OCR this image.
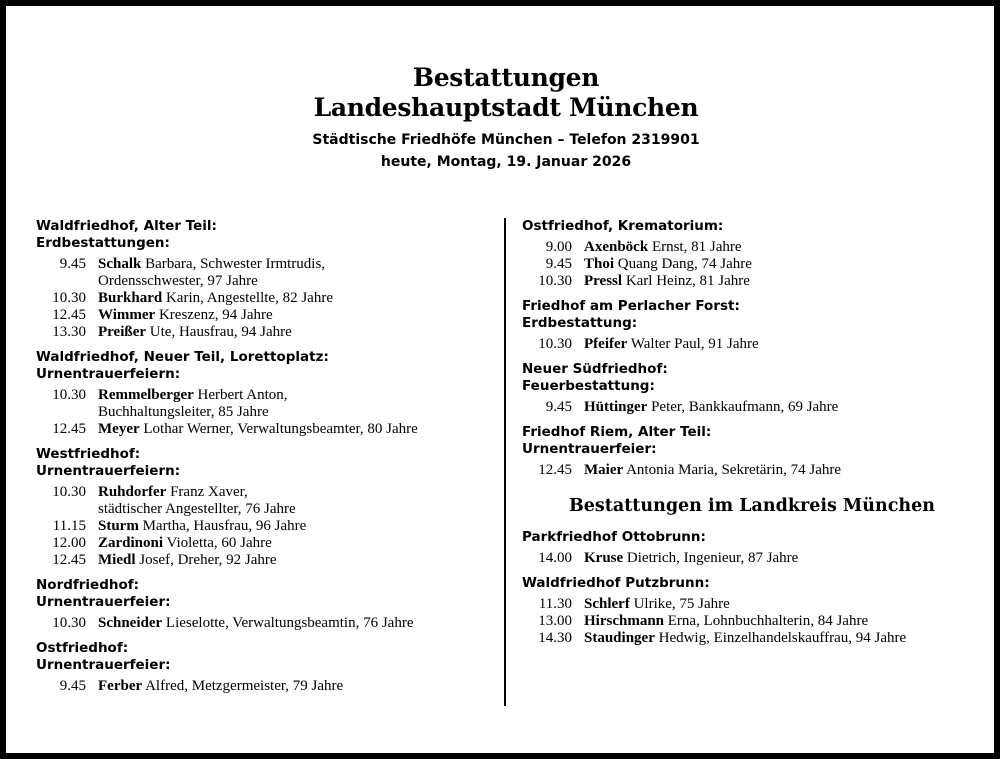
Bestattungen
Landeshauptstadt München
Städtische Friedhöfe München – Telefon 2319901
heute, Montag, 19. Januar 2026
Waldfriedhof, Alter Teil:
Erdbestattungen:
9.45 Schalk Barbara, Schwester Irmtrudis,
Ordensschwester, 97 Jahre
10.30 Burkhard Karin, Angestellte, 82 Jahre
12.45 Wimmer Kreszenz, 94 Jahre
13.30 Preißer Ute, Hausfrau, 94 Jahre
Waldfriedhof, Neuer Teil, Lorettoplatz:
Urnentrauerfeiern:
10.30 Remmelberger Herbert Anton,
Buchhaltungsleiter, 85 Jahre
12.45 Meyer Lothar Werner, Verwaltungsbeamter, 80 Jahre
Westfriedhof:
Urnentrauerfeiern:
10.30 Ruhdorfer Franz Xaver,
städtischer Angestellter, 76 Jahre
11.15 Sturm Martha, Hausfrau, 96 Jahre
12.00 Zardinoni Violetta, 60 Jahre
12.45 Miedl Josef, Dreher, 92 Jahre
Nordfriedhof:
Urnentrauerfeier:
10.30 Schneider Lieselotte, Verwaltungsbeamtin, 76 Jahre
Ostfriedhof:
Urnentrauerfeier:
9.45 Ferber Alfred, Metzgermeister, 79 Jahre
Ostfriedhof, Krematorium:
9.00 Axenböck Ernst, 81 Jahre
9.45 Thoi Quang Dang, 74 Jahre
10.30 Pressl Karl Heinz, 81 Jahre
Friedhof am Perlacher Forst:
Erdbestattung:
10.30 Pfeifer Walter Paul, 91 Jahre
Neuer Südfriedhof:
Feuerbestattung:
9.45 Hüttinger Peter, Bankkaufmann, 69 Jahre
Friedhof Riem, Alter Teil:
Urnentrauerfeier:
12.45 Maier Antonia Maria, Sekretärin, 74 Jahre
Bestattungen im Landkreis München
Parkfriedhof Ottobrunn:
14.00 Kruse Dietrich, Ingenieur, 87 Jahre
Waldfriedhof Putzbrunn:
11.30 Schlerf Ulrike, 75 Jahre
13.00 Hirschmann Erna, Lohnbuchhalterin, 84 Jahre
14.30 Staudinger Hedwig, Einzelhandelskauffrau, 94 Jahre
